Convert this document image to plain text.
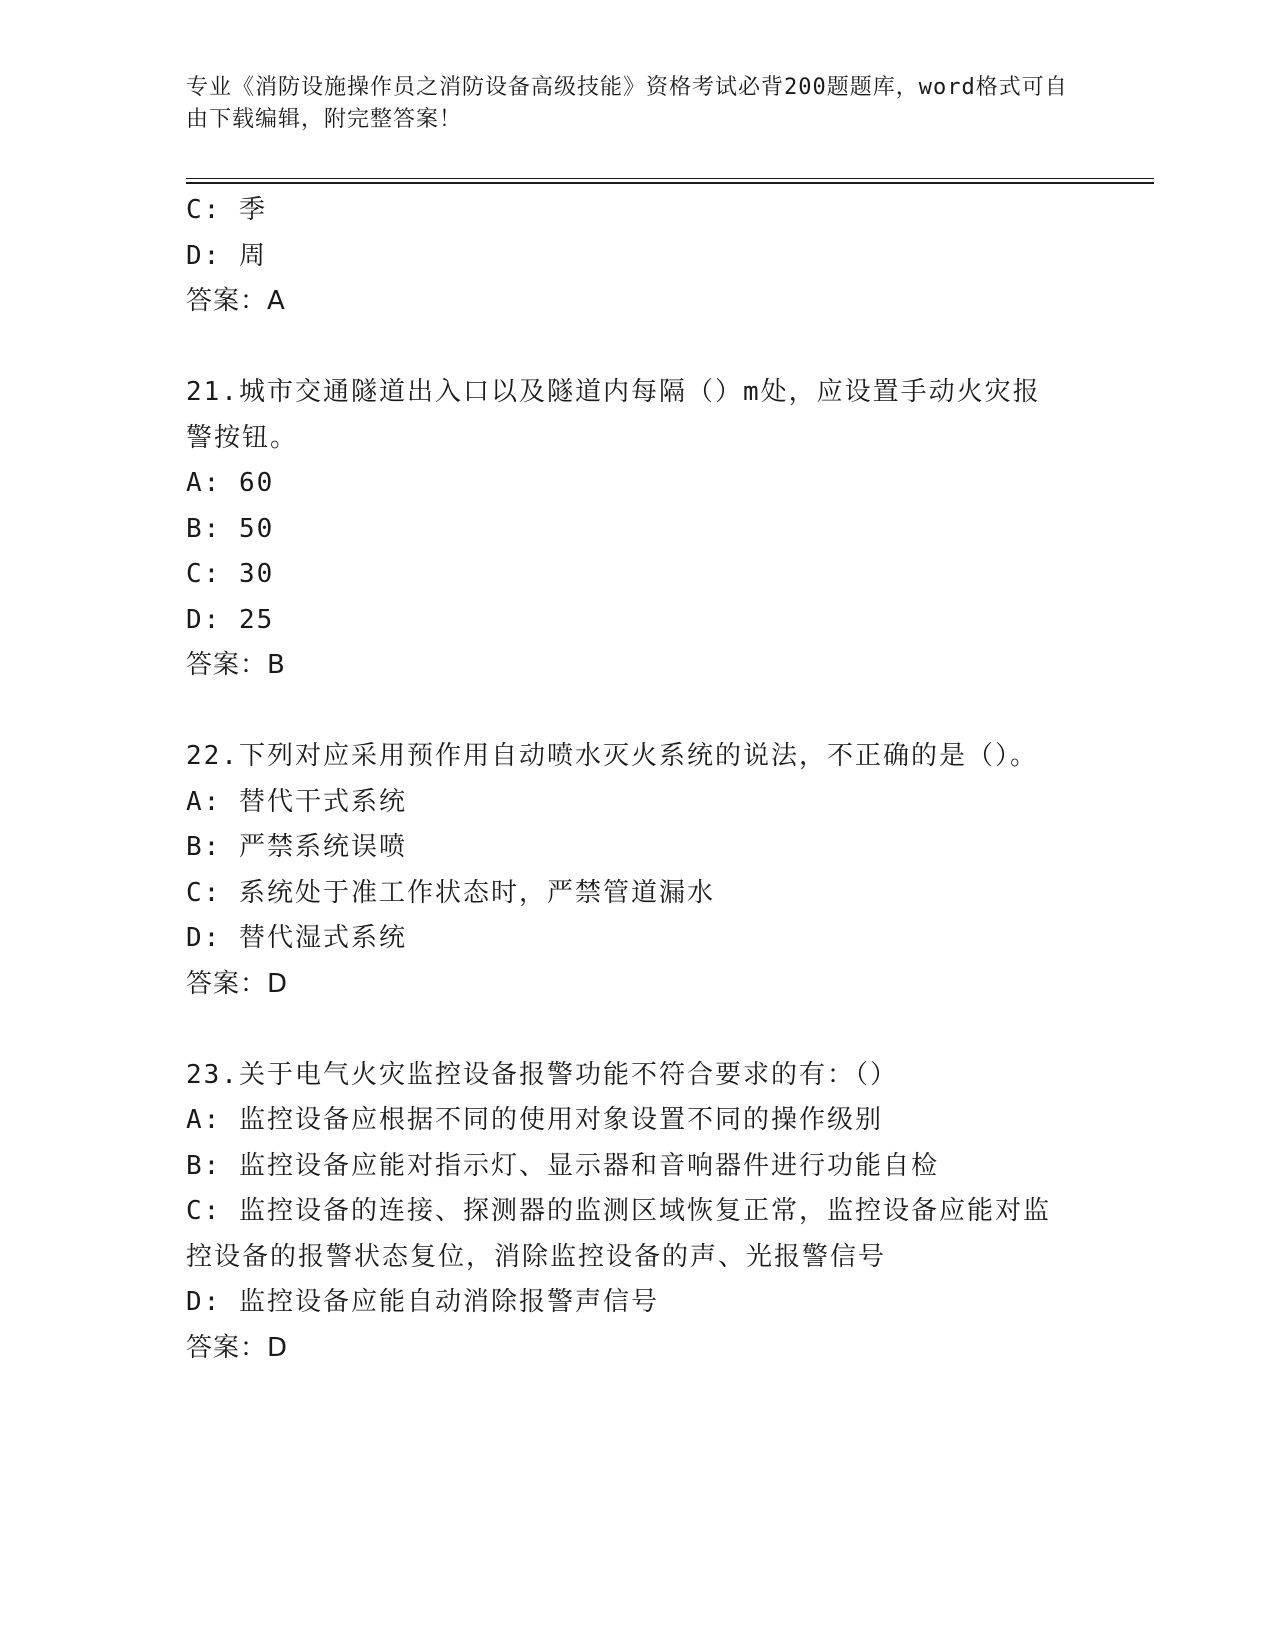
专业《消防设施操作员之消防设备高级技能》资格考试必背200题题库，word格式可自由下载编辑，附完整答案！
C: 季
D: 周
答案：A
21.城市交通隧道出入口以及隧道内每隔（）m处，应设置手动火灾报
警按钮。
A: 60
B: 50
C: 30
D: 25
答案：B
22.下列对应采用预作用自动喷水灭火系统的说法，不正确的是（）。
A: 替代干式系统
B: 严禁系统误喷
C: 系统处于准工作状态时，严禁管道漏水
D: 替代湿式系统
答案：D
23.关于电气火灾监控设备报警功能不符合要求的有：（）
A: 监控设备应根据不同的使用对象设置不同的操作级别
B: 监控设备应能对指示灯、显示器和音响器件进行功能自检
C: 监控设备的连接、探测器的监测区域恢复正常，监控设备应能对监
控设备的报警状态复位，消除监控设备的声、光报警信号
D: 监控设备应能自动消除报警声信号
答案：D
